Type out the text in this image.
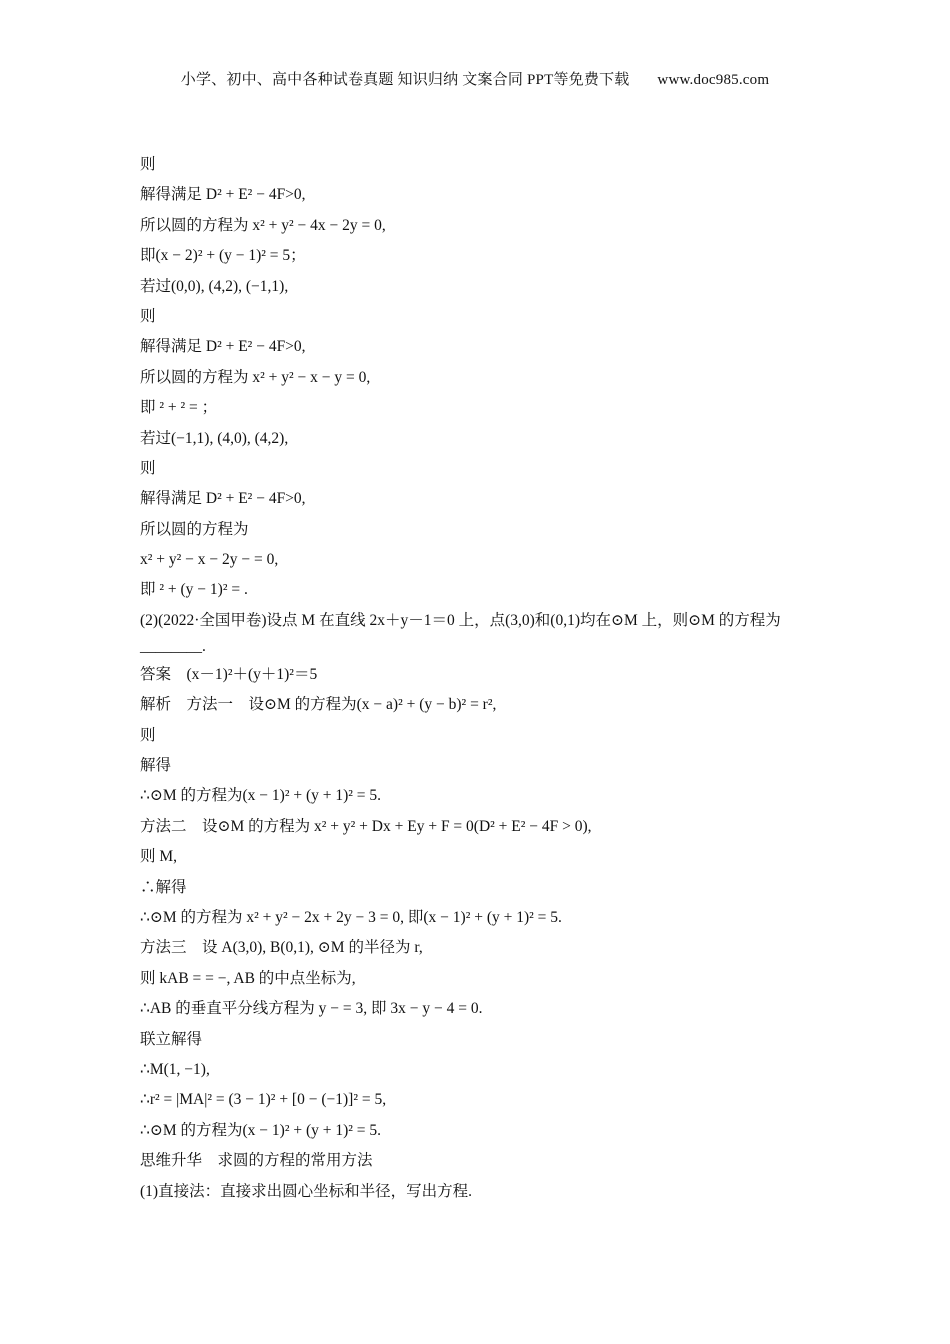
小学、初中、高中各种试卷真题 知识归纳 文案合同 PPT等免费下载 www.doc985.com
则
解得满足 D² + E² − 4F>0,
所以圆的方程为 x² + y² − 4x − 2y = 0,
即(x − 2)² + (y − 1)² = 5；
若过(0,0), (4,2), (−1,1),
则
解得满足 D² + E² − 4F>0,
所以圆的方程为 x² + y² − x − y = 0,
即 ² + ² = ；
若过(−1,1), (4,0), (4,2),
则
解得满足 D² + E² − 4F>0,
所以圆的方程为
x² + y² − x − 2y − = 0,
即 ² + (y − 1)² = .
(2)(2022·全国甲卷)设点 M 在直线 2x＋y－1＝0 上，点(3,0)和(0,1)均在⊙M 上，则⊙M 的方程为________.
答案　(x－1)²＋(y＋1)²＝5
解析　方法一　设⊙M 的方程为(x − a)² + (y − b)² = r²,
则
解得
∴⊙M 的方程为(x − 1)² + (y + 1)² = 5.
方法二　设⊙M 的方程为 x² + y² + Dx + Ey + F = 0(D² + E² − 4F > 0),
则 M,
∴解得
∴⊙M 的方程为 x² + y² − 2x + 2y − 3 = 0, 即(x − 1)² + (y + 1)² = 5.
方法三　设 A(3,0), B(0,1), ⊙M 的半径为 r,
则 kAB = = −, AB 的中点坐标为,
∴AB 的垂直平分线方程为 y − = 3, 即 3x − y − 4 = 0.
联立解得
∴M(1, −1),
∴r² = |MA|² = (3 − 1)² + [0 − (−1)]² = 5,
∴⊙M 的方程为(x − 1)² + (y + 1)² = 5.
思维升华　求圆的方程的常用方法
(1)直接法：直接求出圆心坐标和半径，写出方程.
